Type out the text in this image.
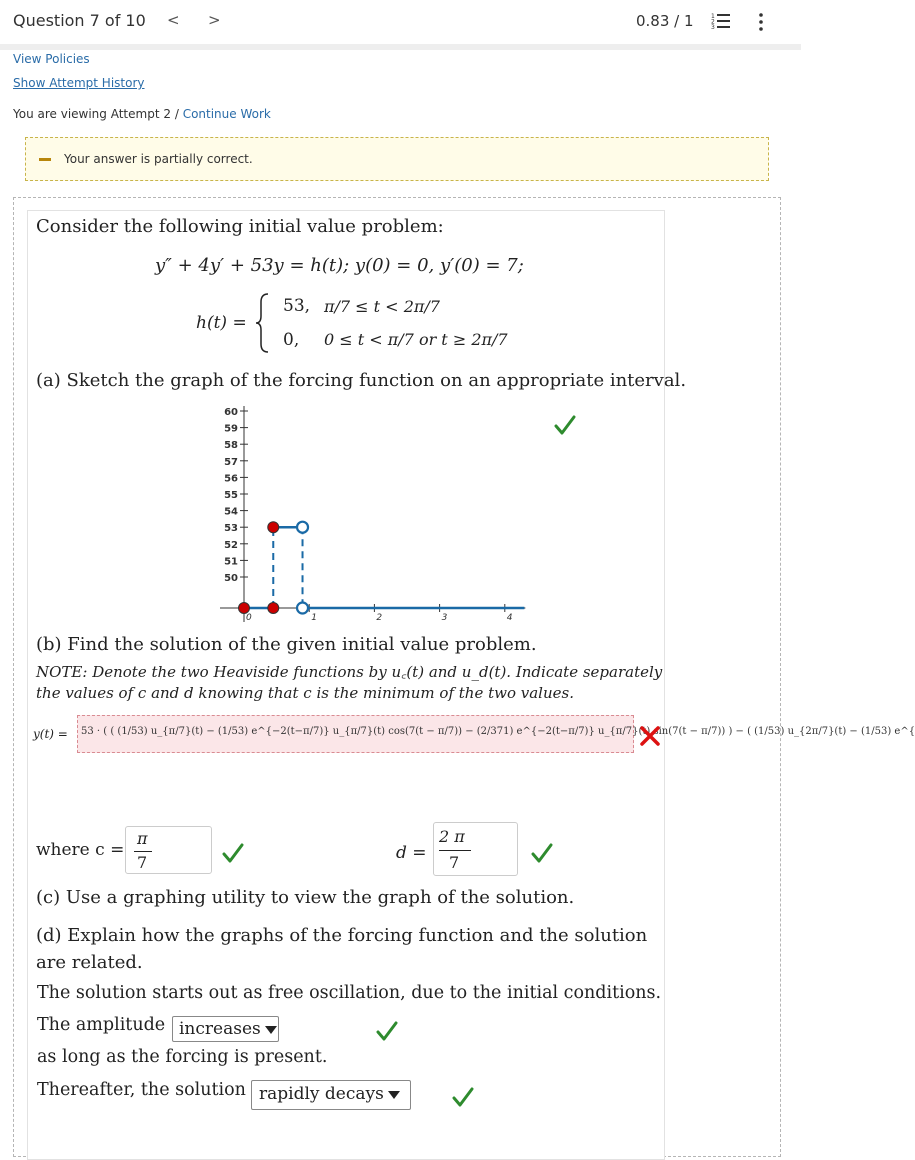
Question 7 of 10 < >	0.83 / 1	1
2
3
View Policies
Show Attempt History
You are viewing Attempt 2 / Continue Work
Your answer is partially correct.
Consider the following initial value problem:
y″ + 4y′ + 53y = h(t); y(0) = 0, y′(0) = 7;
h(t) =
53, π/7 ≤ t < 2π/7
0, 0 ≤ t < π/7 or t ≥ 2π/7
(a) Sketch the graph of the forcing function on an appropriate interval.
60
59
58
57
56
55
54
53
52
51
50
0	1	2	3	4
(b) Find the solution of the given initial value problem.
NOTE: Denote the two Heaviside functions by u꜀(t) and u_d(t). Indicate separately
the values of c and d knowing that c is the minimum of the two values.
y(t) = 53 · ( ( (1/53) u_{π/7}(t) − (1/53) e^{−2(t−π/7)} u_{π/7}(t) cos(7(t − π/7)) − (2/371) e^{−2(t−π/7)} u_{π/7}(t) sin(7(t − π/7)) ) − ( (1/53) u_{2π/7}(t) − (1/53) e^{
where c =
π
7	d =
2 π
7
(c) Use a graphing utility to view the graph of the solution.
(d) Explain how the graphs of the forcing function and the solution
are related.
The solution starts out as free oscillation, due to the initial conditions.
The amplitude increases
as long as the forcing is present.
Thereafter, the solution rapidly decays
